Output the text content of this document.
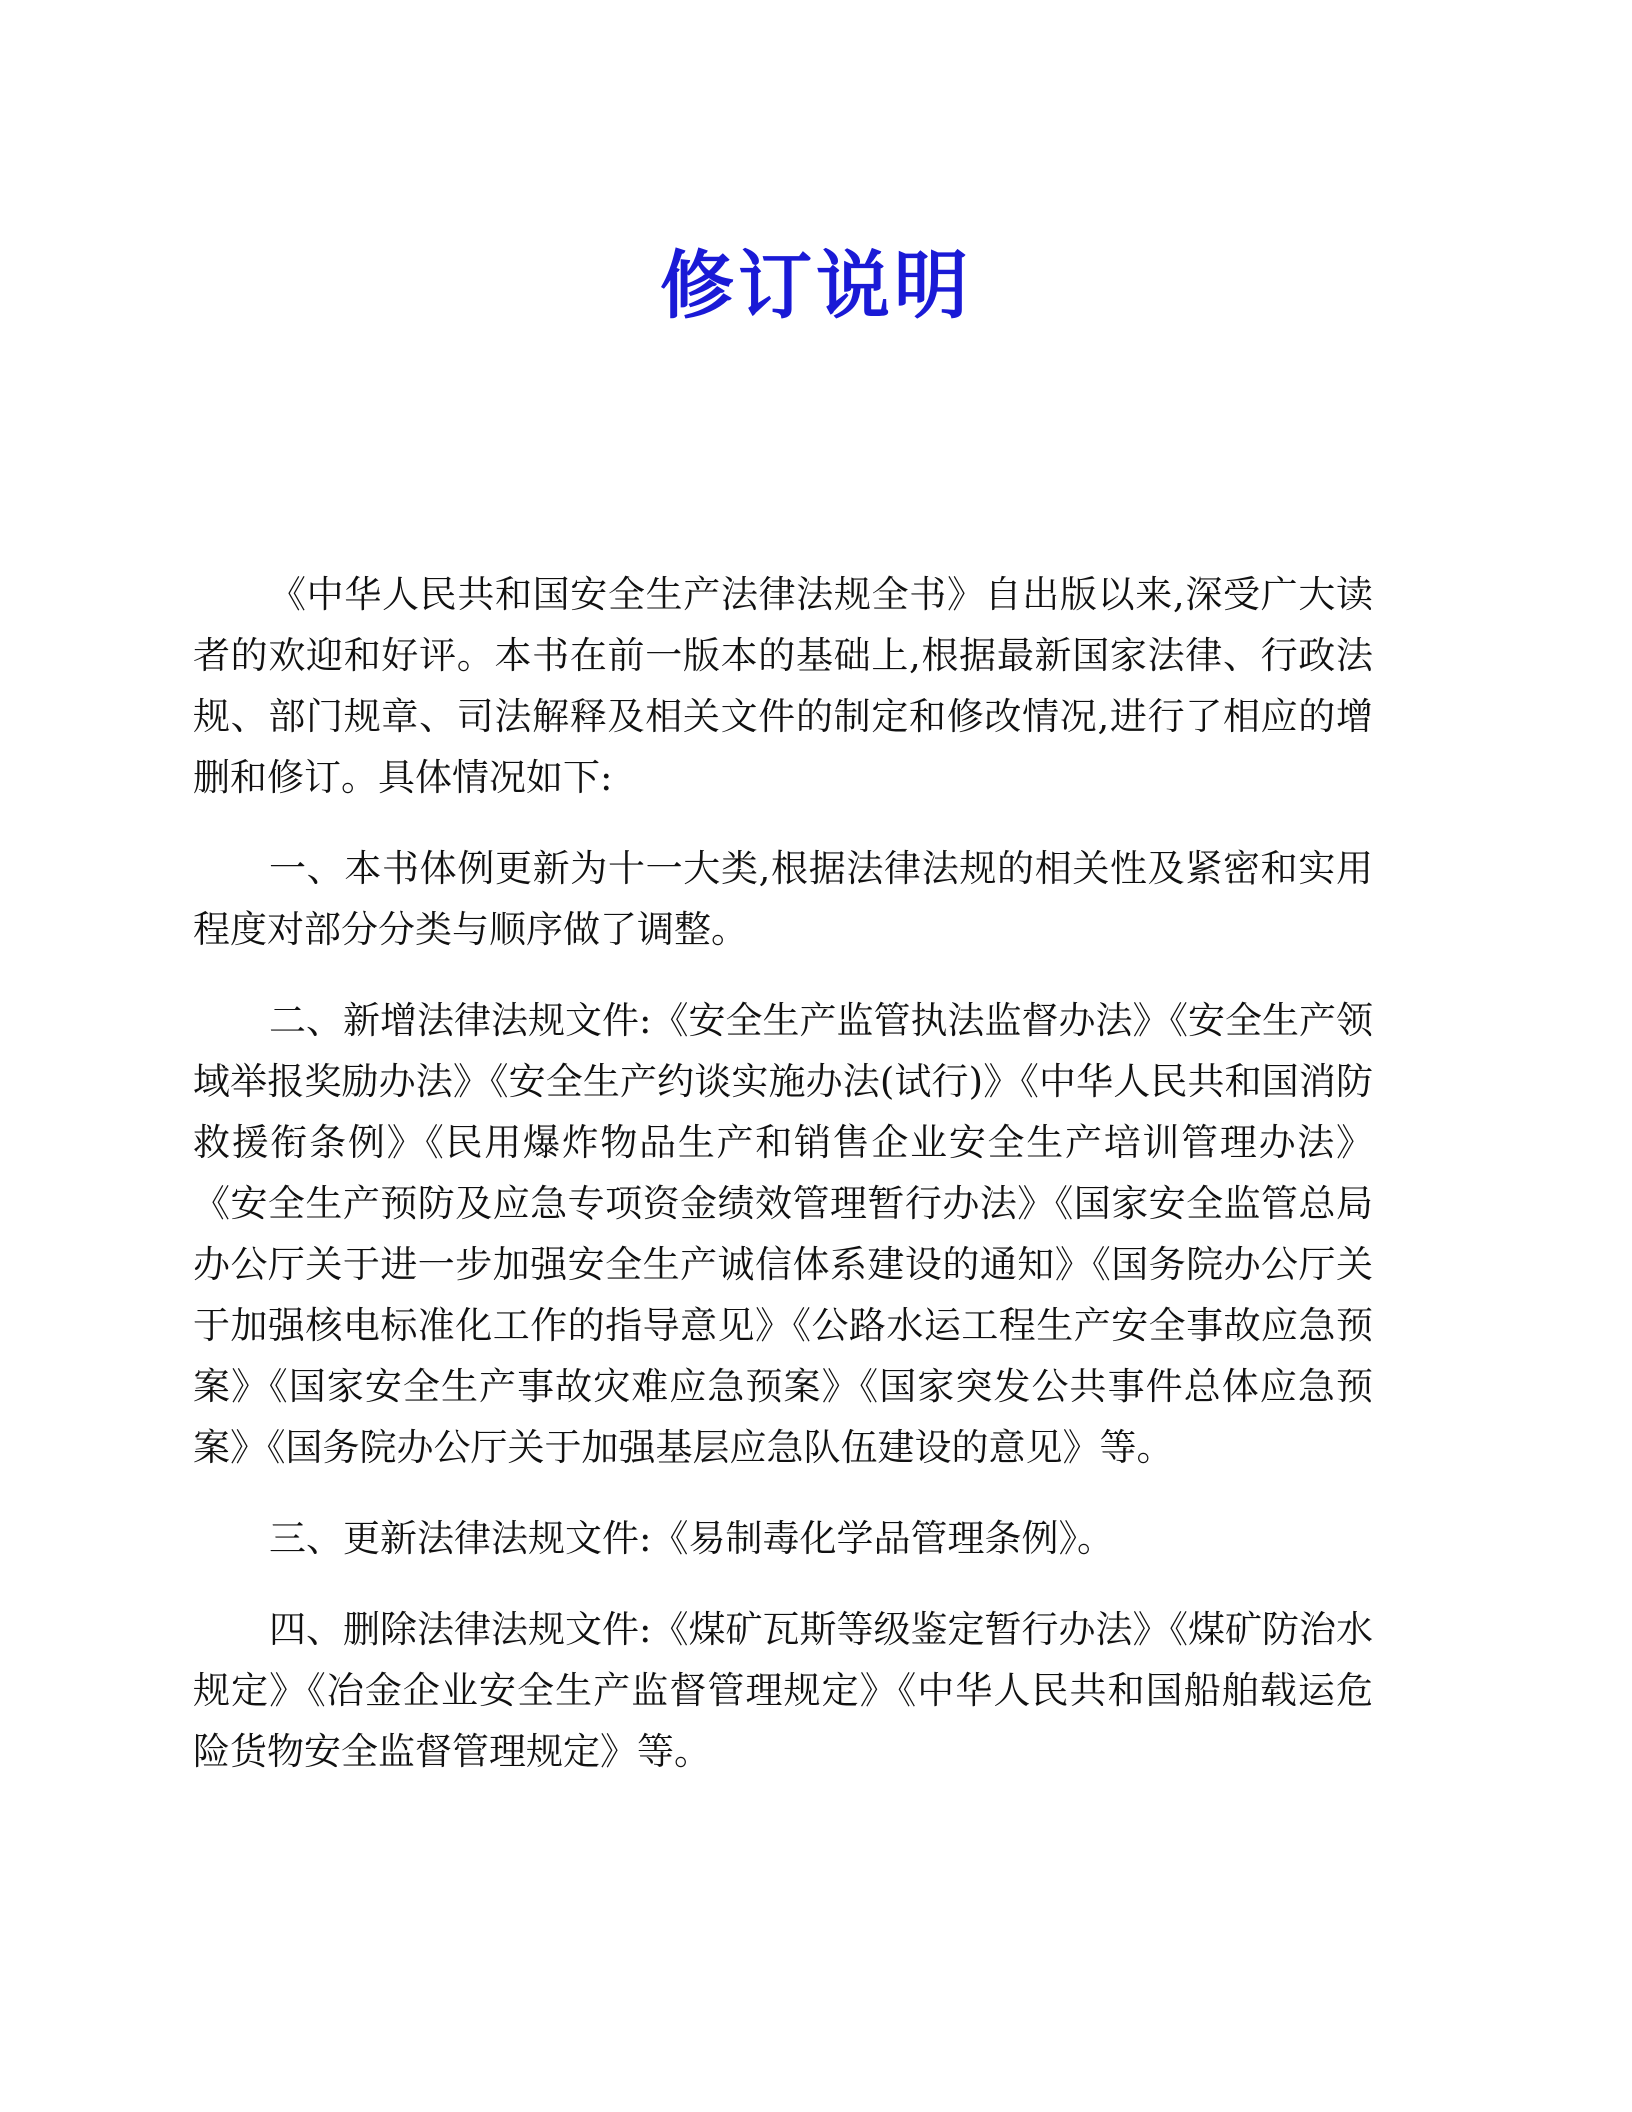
修订说明

《中华人民共和国安全生产法律法规全书》自出版以来,深受广大读者的欢迎和好评。本书在前一版本的基础上,根据最新国家法律、行政法规、部门规章、司法解释及相关文件的制定和修改情况,进行了相应的增删和修订。具体情况如下:

一、本书体例更新为十一大类,根据法律法规的相关性及紧密和实用程度对部分分类与顺序做了调整。

二、新增法律法规文件:《安全生产监管执法监督办法》《安全生产领域举报奖励办法》《安全生产约谈实施办法(试行)》《中华人民共和国消防救援衔条例》《民用爆炸物品生产和销售企业安全生产培训管理办法》《安全生产预防及应急专项资金绩效管理暂行办法》《国家安全监管总局办公厅关于进一步加强安全生产诚信体系建设的通知》《国务院办公厅关于加强核电标准化工作的指导意见》《公路水运工程生产安全事故应急预案》《国家安全生产事故灾难应急预案》《国家突发公共事件总体应急预案》《国务院办公厅关于加强基层应急队伍建设的意见》等。

三、更新法律法规文件:《易制毒化学品管理条例》。

四、删除法律法规文件:《煤矿瓦斯等级鉴定暂行办法》《煤矿防治水规定》《冶金企业安全生产监督管理规定》《中华人民共和国船舶载运危险货物安全监督管理规定》等。
